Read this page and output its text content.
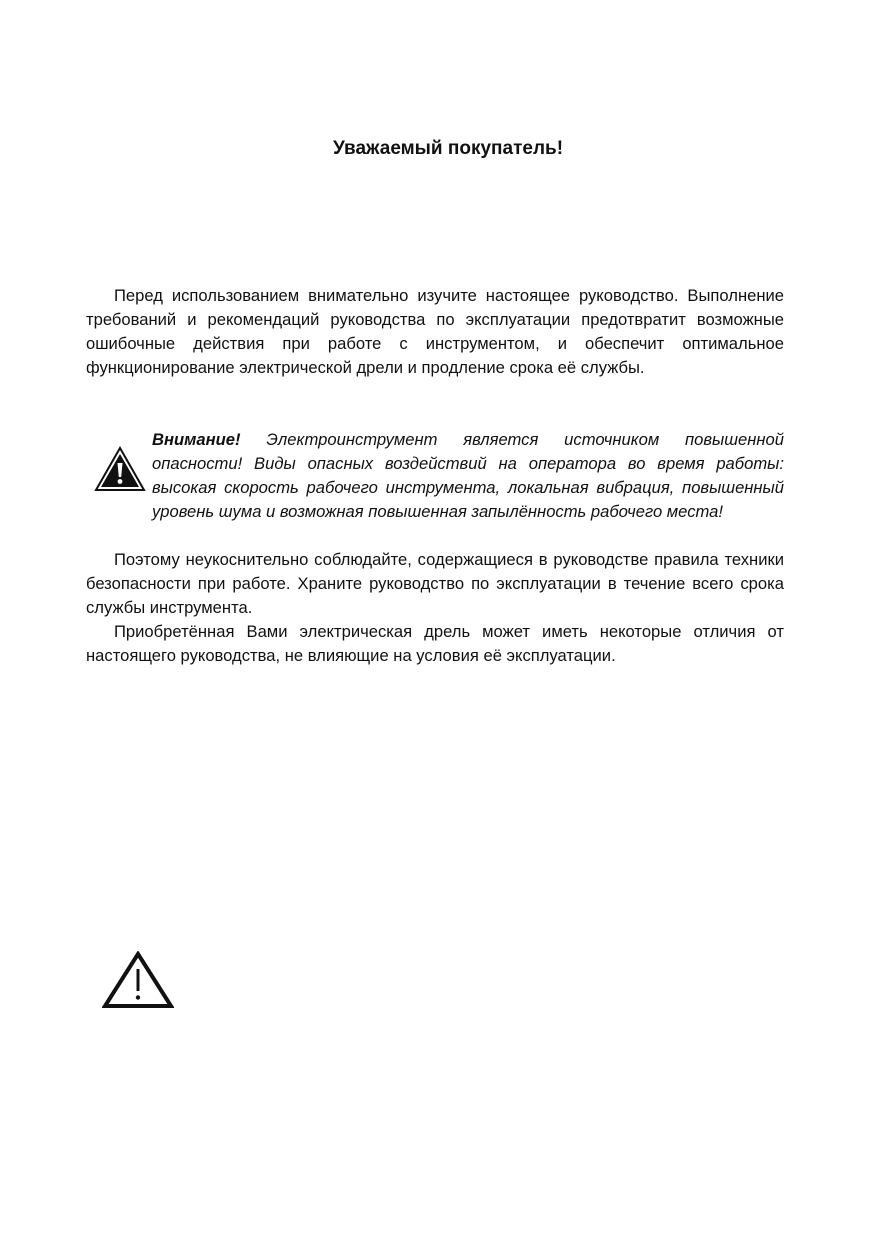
Уважаемый покупатель!

Перед использованием внимательно изучите настоящее руководство. Выполнение требований и рекомендаций руководства по эксплуатации предотвратит возможные ошибочные действия при работе с инструментом, и обеспечит оптимальное функционирование электрической дрели и продление срока её службы.

Внимание! Электроинструмент является источником повышенной опасности! Виды опасных воздействий на оператора во время работы: высокая скорость рабочего инструмента, локальная вибрация, повышенный уровень шума и возможная повышенная запылённость рабочего места!

Поэтому неукоснительно соблюдайте, содержащиеся в руководстве правила техники безопасности при работе. Храните руководство по эксплуатации в течение всего срока службы инструмента.

Приобретённая Вами электрическая дрель может иметь некоторые отличия от настоящего руководства, не влияющие на условия её эксплуатации.
